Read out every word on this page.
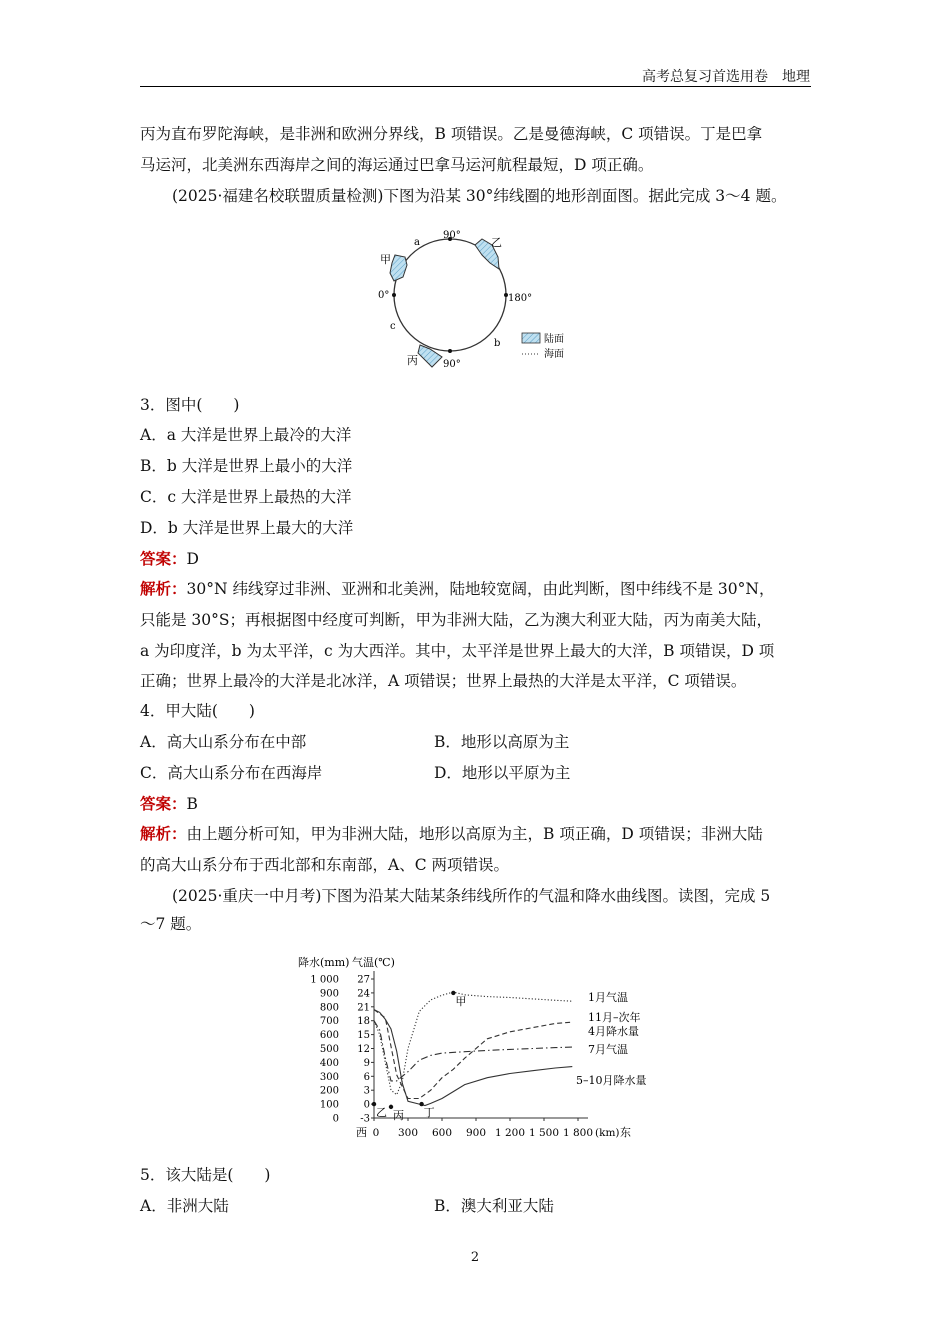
高考总复习首选用卷　地理
丙为直布罗陀海峡，是非洲和欧洲分界线，B 项错误。乙是曼德海峡，C 项错误。丁是巴拿
马运河，北美洲东西海岸之间的海运通过巴拿马运河航程最短，D 项正确。
(2025·福建名校联盟质量检测)下图为沿某 30°纬线圈的地形剖面图。据此完成 3～4 题。
90°
90°
0°	180°
a
b
c
甲
乙
丙
陆面
海面
3．图中(　　)
A．a 大洋是世界上最冷的大洋
B．b 大洋是世界上最小的大洋
C．c 大洋是世界上最热的大洋
D．b 大洋是世界上最大的大洋
答案：D
解析：30°N 纬线穿过非洲、亚洲和北美洲，陆地较宽阔，由此判断，图中纬线不是 30°N，
只能是 30°S；再根据图中经度可判断，甲为非洲大陆，乙为澳大利亚大陆，丙为南美大陆，
a 为印度洋，b 为太平洋，c 为大西洋。其中，太平洋是世界上最大的大洋，B 项错误，D 项
正确；世界上最冷的大洋是北冰洋，A 项错误；世界上最热的大洋是太平洋，C 项错误。
4．甲大陆(　　)
A．高大山系分布在中部	B．地形以高原为主
C．高大山系分布在西海岸	D．地形以平原为主
答案：B
解析：由上题分析可知，甲为非洲大陆，地形以高原为主，B 项正确，D 项错误；非洲大陆
的高大山系分布于西北部和东南部，A、C 两项错误。
(2025·重庆一中月考)下图为沿某大陆某条纬线所作的气温和降水曲线图。读图，完成 5
～7 题。
降水(mm) 气温(℃)
1 000 27
900 24
800 21
700 18
600 15
500 12
400 9
300 6
200 3
100 0
0 -3
0 300 600 900 1 200 1 500 1 800
甲
乙 丙 丁
西	东
(km)
1月气温
11月–次年
4月降水量
7月气温
5–10月降水量
5．该大陆是(　　)
A．非洲大陆	B．澳大利亚大陆
2
